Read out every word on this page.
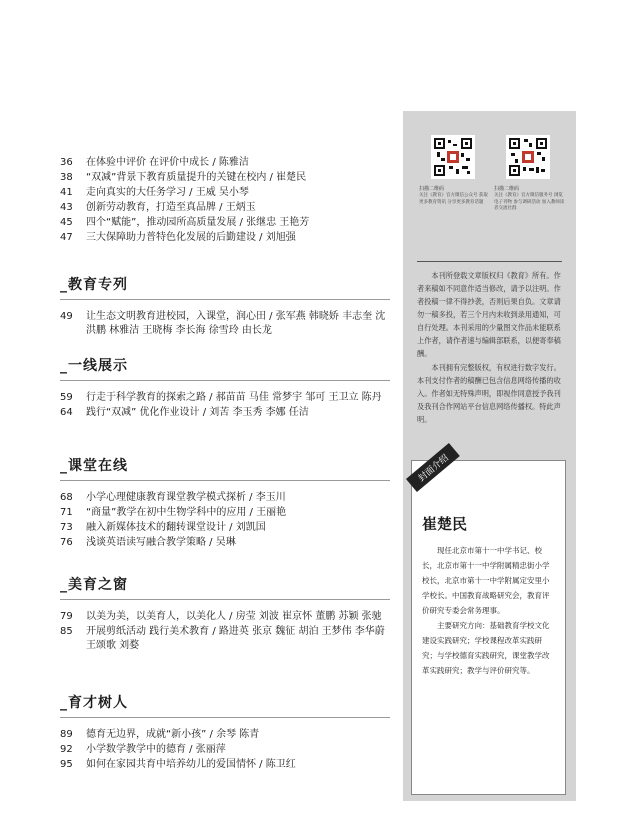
36	在体验中评价 在评价中成长 / 陈雅洁
38	“双减”背景下教育质量提升的关键在校内 / 崔楚民
41	走向真实的大任务学习 / 王威 吴小琴
43	创新劳动教育，打造至真品牌 / 王炳玉
45	四个“赋能”，推动园所高质量发展 / 张继忠 王艳芳
47	三大保障助力普特色化发展的后勤建设 / 刘旭强
_教育专列
49	让生态文明教育进校园，入课堂，润心田 / 张军燕 韩晓娇 丰志奎 沈洪鹏 林雅洁 王晓梅 李长海 徐雪玲 由长龙
_一线展示
59	行走于科学教育的探索之路 / 郝苗苗 马佳 常梦宇 邹可 王卫立 陈丹
64	践行“双减” 优化作业设计 / 刘苦 李玉秀 李娜 任洁
_课堂在线
68	小学心理健康教育课堂教学模式探析 / 李玉川
71	“商量”教学在初中生物学科中的应用 / 王丽艳
73	融入新媒体技术的翻转课堂设计 / 刘凯国
76	浅谈英语读写融合教学策略 / 吴琳
_美育之窗
79	以美为美，以美育人，以美化人 / 房莹 刘波 崔京怀 董鹏 苏颖 张驰
85	开展剪纸活动 践行美术教育 / 路进英 张京 魏征 胡泊 王梦伟 李华蔚 王颂歌 刘婺
_育才树人
89	德育无边界，成就“新小孩” / 余琴 陈青
92	小学数学教学中的德育 / 张丽萍
95	如何在家园共育中培养幼儿的爱国情怀 / 陈卫红
扫描二维码
关注《教育》官方微信公众号 获取更多教育资讯 分享更多教育话题
扫描二维码
关注《教育》官方微信服务号 浏览电子刊物 参与调研活动 加入教师读者交流社群

本刊所登载文章版权归《教育》所有。作者来稿如不同意作适当修改，请予以注明。作者投稿一律不得抄袭，否则后果自负。文章请勿一稿多投，若三个月内未收到录用通知，可自行处理。本刊采用的少量图文作品未能联系上作者，请作者速与编辑部联系，以便寄奉稿酬。

本刊拥有完整版权，有权进行数字发行。本刊支付作者的稿酬已包含信息网络传播的收入。作者如无特殊声明，即视作同意授予我刊及我刊合作网站平台信息网络传播权。特此声明。

封面介绍
崔楚民

现任北京市第十一中学书记、校长，北京市第十一中学附属精忠街小学校长，北京市第十一中学附属定安里小学校长。中国教育战略研究会，教育评价研究专委会常务理事。

主要研究方向：基础教育学校文化建设实践研究；学校课程改革实践研究；与学校德育实践研究，课堂教学改革实践研究；教学与评价研究等。
